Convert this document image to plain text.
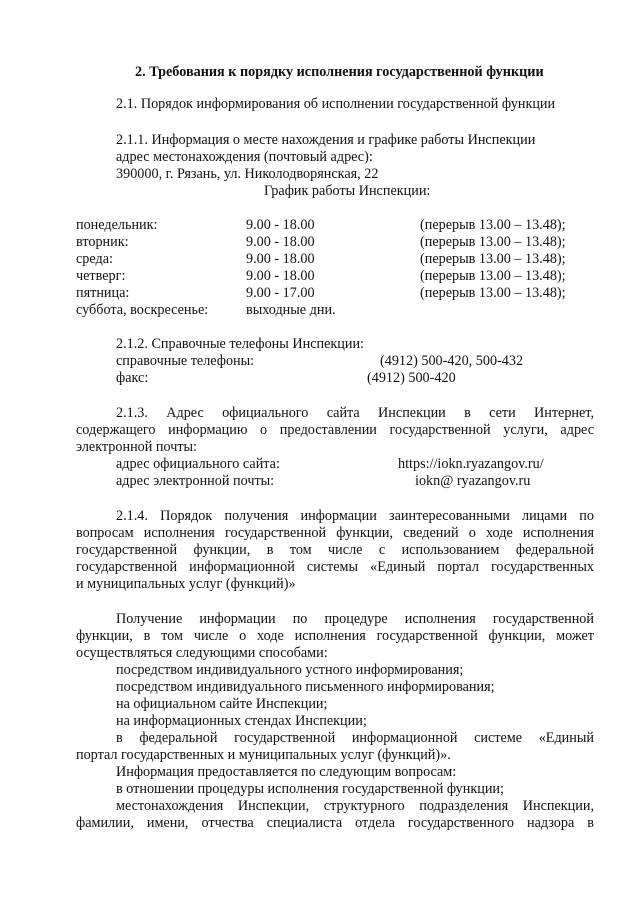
2. Требования к порядку исполнения государственной функции
2.1. Порядок информирования об исполнении государственной функции
2.1.1. Информация о месте нахождения и графике работы Инспекции
адрес местонахождения (почтовый адрес):
390000, г. Рязань, ул. Николодворянская, 22
График работы Инспекции:
понедельник:	9.00 - 18.00	(перерыв 13.00 – 13.48);
вторник:	9.00 - 18.00	(перерыв 13.00 – 13.48);
среда:	9.00 - 18.00	(перерыв 13.00 – 13.48);
четверг:	9.00 - 18.00	(перерыв 13.00 – 13.48);
пятница:	9.00 - 17.00	(перерыв 13.00 – 13.48);
суббота, воскресенье:	выходные дни.
2.1.2. Справочные телефоны Инспекции:
справочные телефоны:	(4912) 500-420, 500-432
факс:	(4912) 500-420
2.1.3. Адрес официального сайта Инспекции в сети Интернет,
содержащего информацию о предоставлении государственной услуги, адрес
электронной почты:
адрес официального сайта:	https://iokn.ryazangov.ru/
адрес электронной почты:	iokn@ ryazangov.ru
2.1.4. Порядок получения информации заинтересованными лицами по
вопросам исполнения государственной функции, сведений о ходе исполнения
государственной функции, в том числе с использованием федеральной
государственной информационной системы «Единый портал государственных
и муниципальных услуг (функций)»
Получение информации по процедуре исполнения государственной
функции, в том числе о ходе исполнения государственной функции, может
осуществляться следующими способами:
посредством индивидуального устного информирования;
посредством индивидуального письменного информирования;
на официальном сайте Инспекции;
на информационных стендах Инспекции;
в федеральной государственной информационной системе «Единый
портал государственных и муниципальных услуг (функций)».
Информация предоставляется по следующим вопросам:
в отношении процедуры исполнения государственной функции;
местонахождения Инспекции, структурного подразделения Инспекции,
фамилии, имени, отчества специалиста отдела государственного надзора в
